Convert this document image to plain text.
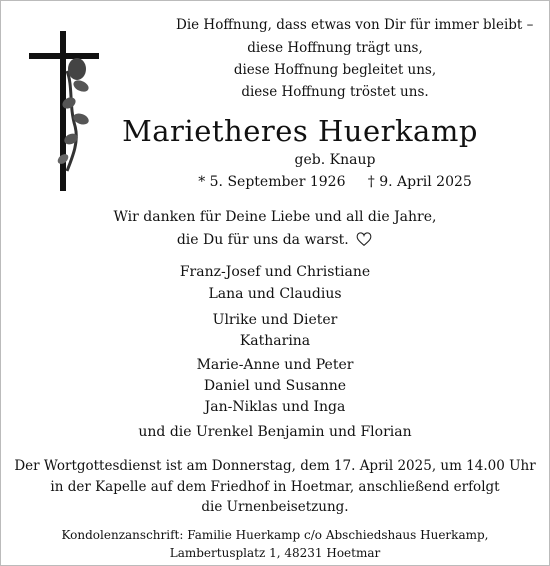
Die Hoffnung, dass etwas von Dir für immer bleibt –
diese Hoffnung trägt uns,
diese Hoffnung begleitet uns,
diese Hoffnung tröstet uns.
Marietheres Huerkamp
geb. Knaup
* 5. September 1926     † 9. April 2025
Wir danken für Deine Liebe und all die Jahre,
die Du für uns da warst.
Franz-Josef und Christiane
Lana und Claudius
Ulrike und Dieter
Katharina
Marie-Anne und Peter
Daniel und Susanne
Jan-Niklas und Inga
und die Urenkel Benjamin und Florian
Der Wortgottesdienst ist am Donnerstag, dem 17. April 2025, um 14.00 Uhr
in der Kapelle auf dem Friedhof in Hoetmar, anschließend erfolgt
die Urnenbeisetzung.
Kondolenzanschrift: Familie Huerkamp c/o Abschiedshaus Huerkamp,
Lambertusplatz 1, 48231 Hoetmar
